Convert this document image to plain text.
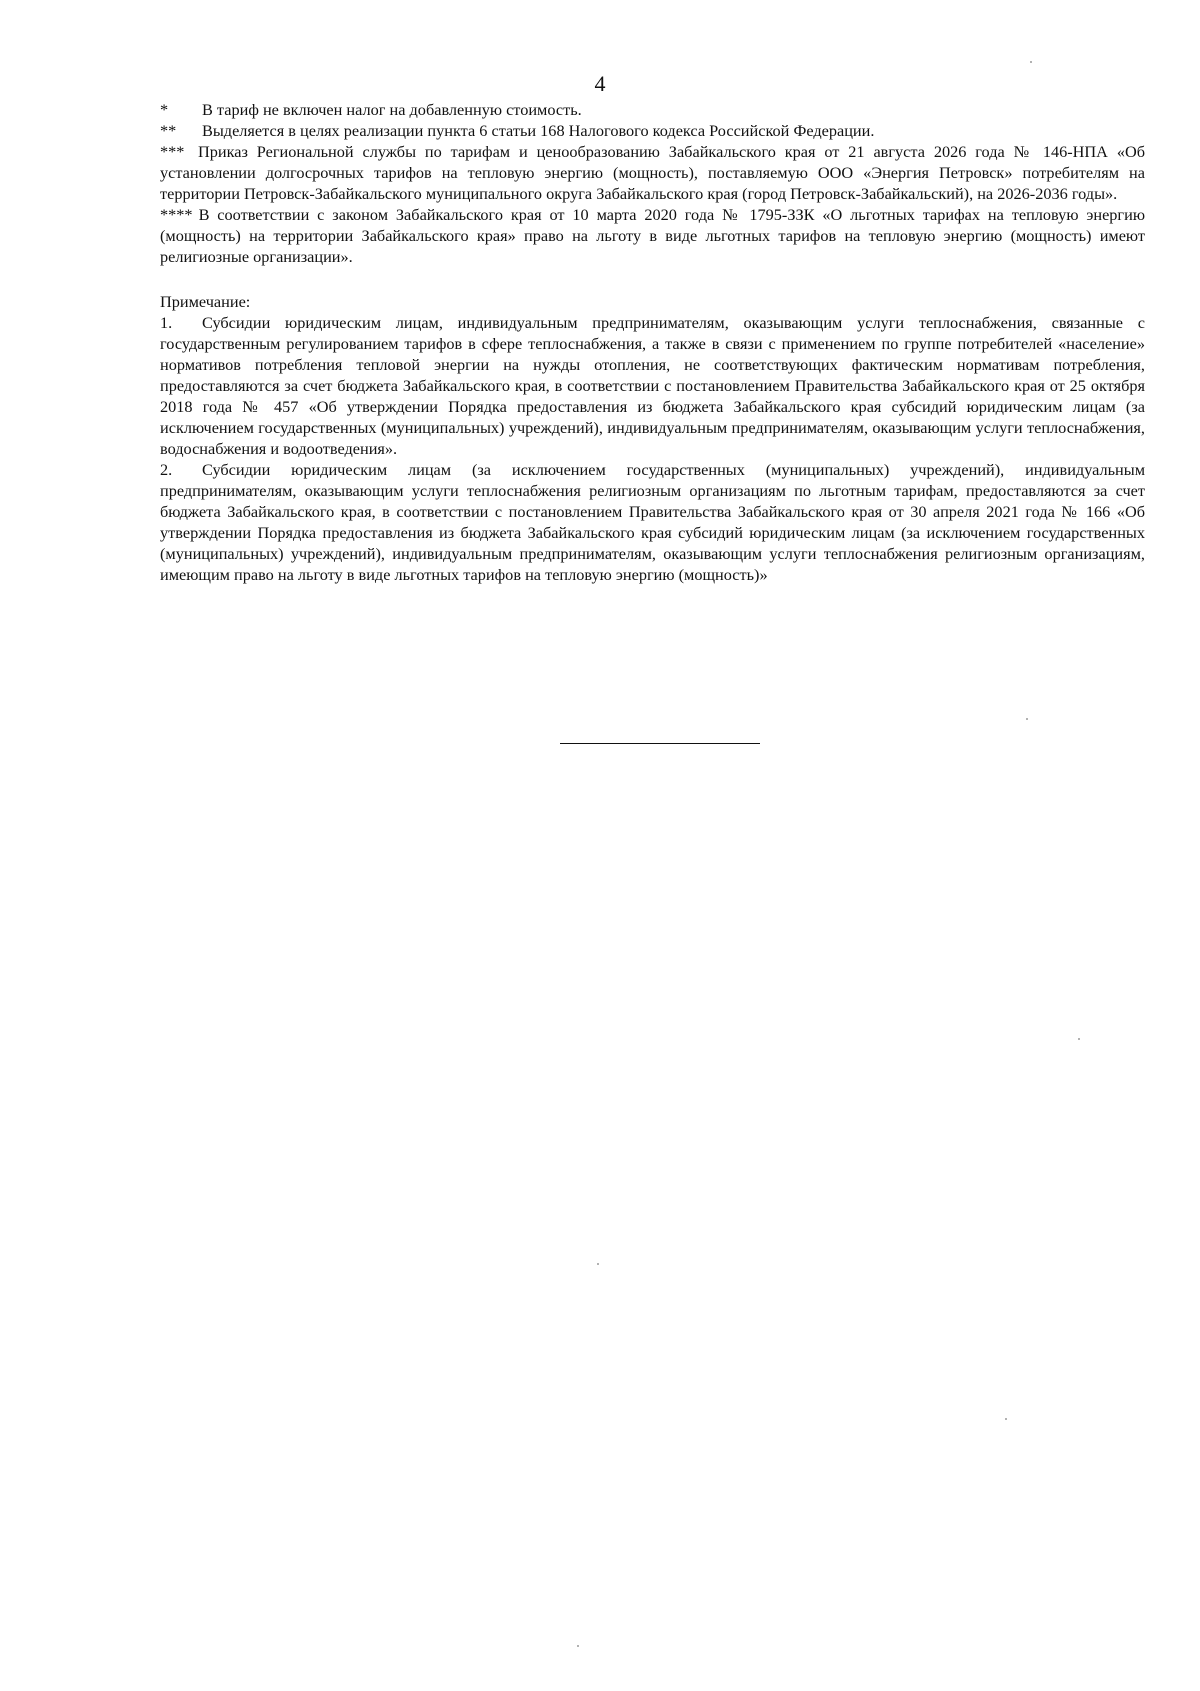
4

* В тариф не включен налог на добавленную стоимость.

** Выделяется в целях реализации пункта 6 статьи 168 Налогового кодекса Российской Федерации.

*** Приказ Региональной службы по тарифам и ценообразованию Забайкальского края от 21 августа 2026 года № 146-НПА «Об установлении долгосрочных тарифов на тепловую энергию (мощность), поставляемую ООО «Энергия Петровск» потребителям на территории Петровск-Забайкальского муниципального округа Забайкальского края (город Петровск-Забайкальский), на 2026-2036 годы».

**** В соответствии с законом Забайкальского края от 10 марта 2020 года № 1795-ЗЗК «О льготных тарифах на тепловую энергию (мощность) на территории Забайкальского края» право на льготу в виде льготных тарифов на тепловую энергию (мощность) имеют религиозные организации».

Примечание:

1. Субсидии юридическим лицам, индивидуальным предпринимателям, оказывающим услуги теплоснабжения, связанные с государственным регулированием тарифов в сфере теплоснабжения, а также в связи с применением по группе потребителей «население» нормативов потребления тепловой энергии на нужды отопления, не соответствующих фактическим нормативам потребления, предоставляются за счет бюджета Забайкальского края, в соответствии с постановлением Правительства Забайкальского края от 25 октября 2018 года № 457 «Об утверждении Порядка предоставления из бюджета Забайкальского края субсидий юридическим лицам (за исключением государственных (муниципальных) учреждений), индивидуальным предпринимателям, оказывающим услуги теплоснабжения, водоснабжения и водоотведения».

2. Субсидии юридическим лицам (за исключением государственных (муниципальных) учреждений), индивидуальным предпринимателям, оказывающим услуги теплоснабжения религиозным организациям по льготным тарифам, предоставляются за счет бюджета Забайкальского края, в соответствии с постановлением Правительства Забайкальского края от 30 апреля 2021 года № 166 «Об утверждении Порядка предоставления из бюджета Забайкальского края субсидий юридическим лицам (за исключением государственных (муниципальных) учреждений), индивидуальным предпринимателям, оказывающим услуги теплоснабжения религиозным организациям, имеющим право на льготу в виде льготных тарифов на тепловую энергию (мощность)»
